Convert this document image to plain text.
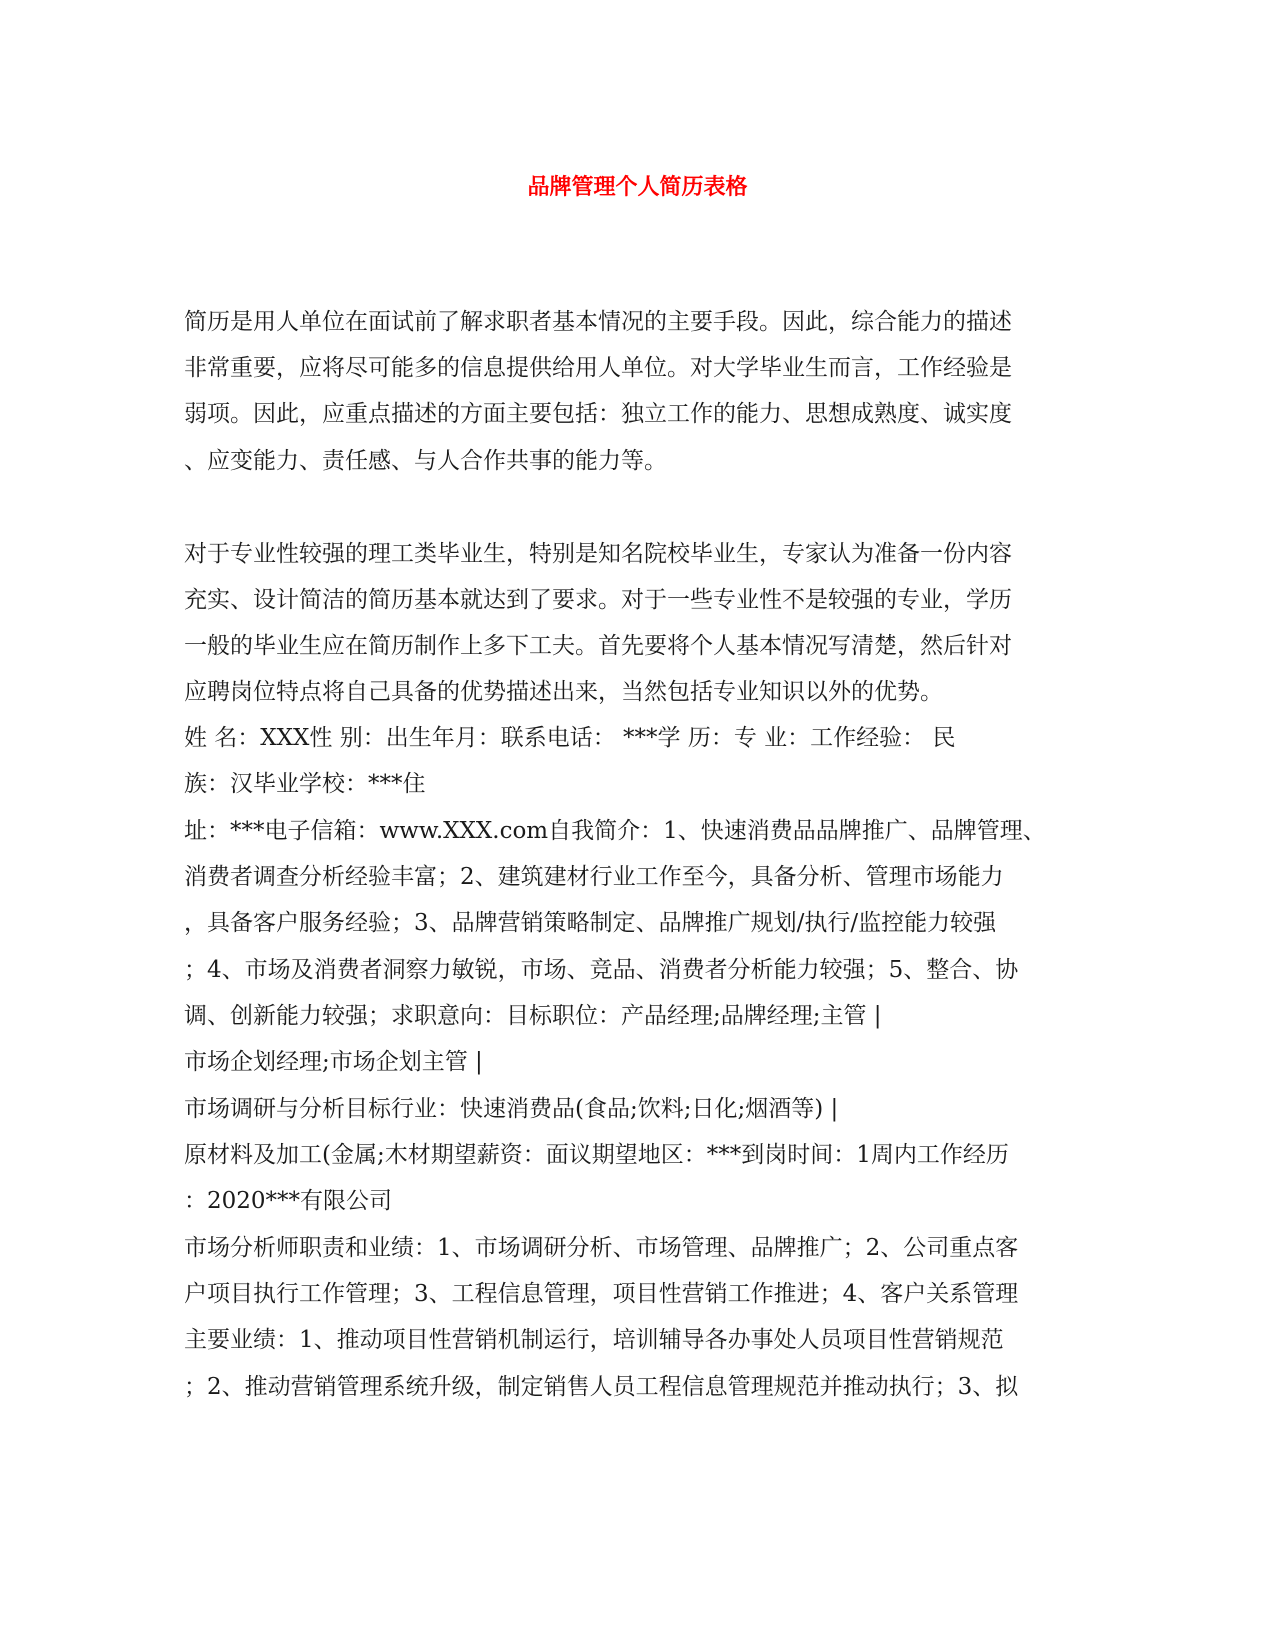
品牌管理个人简历表格
简历是用人单位在面试前了解求职者基本情况的主要手段。因此，综合能力的描述
非常重要，应将尽可能多的信息提供给用人单位。对大学毕业生而言，工作经验是
弱项。因此，应重点描述的方面主要包括：独立工作的能力、思想成熟度、诚实度
、应变能力、责任感、与人合作共事的能力等。
对于专业性较强的理工类毕业生，特别是知名院校毕业生，专家认为准备一份内容
充实、设计简洁的简历基本就达到了要求。对于一些专业性不是较强的专业，学历
一般的毕业生应在简历制作上多下工夫。首先要将个人基本情况写清楚，然后针对
应聘岗位特点将自己具备的优势描述出来，当然包括专业知识以外的优势。
姓 名：XXX性 别：出生年月：联系电话： ***学 历：专 业：工作经验： 民
族：汉毕业学校：***住
址：***电子信箱：www.XXX.com自我简介：1、快速消费品品牌推广、品牌管理、
消费者调查分析经验丰富；2、建筑建材行业工作至今，具备分析、管理市场能力
，具备客户服务经验；3、品牌营销策略制定、品牌推广规划/执行/监控能力较强
；4、市场及消费者洞察力敏锐，市场、竞品、消费者分析能力较强；5、整合、协
调、创新能力较强；求职意向：目标职位：产品经理;品牌经理;主管 |
市场企划经理;市场企划主管 |
市场调研与分析目标行业：快速消费品(食品;饮料;日化;烟酒等) |
原材料及加工(金属;木材期望薪资：面议期望地区：***到岗时间：1周内工作经历
：2020***有限公司
市场分析师职责和业绩：1、市场调研分析、市场管理、品牌推广；2、公司重点客
户项目执行工作管理；3、工程信息管理，项目性营销工作推进；4、客户关系管理
主要业绩：1、推动项目性营销机制运行，培训辅导各办事处人员项目性营销规范
；2、推动营销管理系统升级，制定销售人员工程信息管理规范并推动执行；3、拟
